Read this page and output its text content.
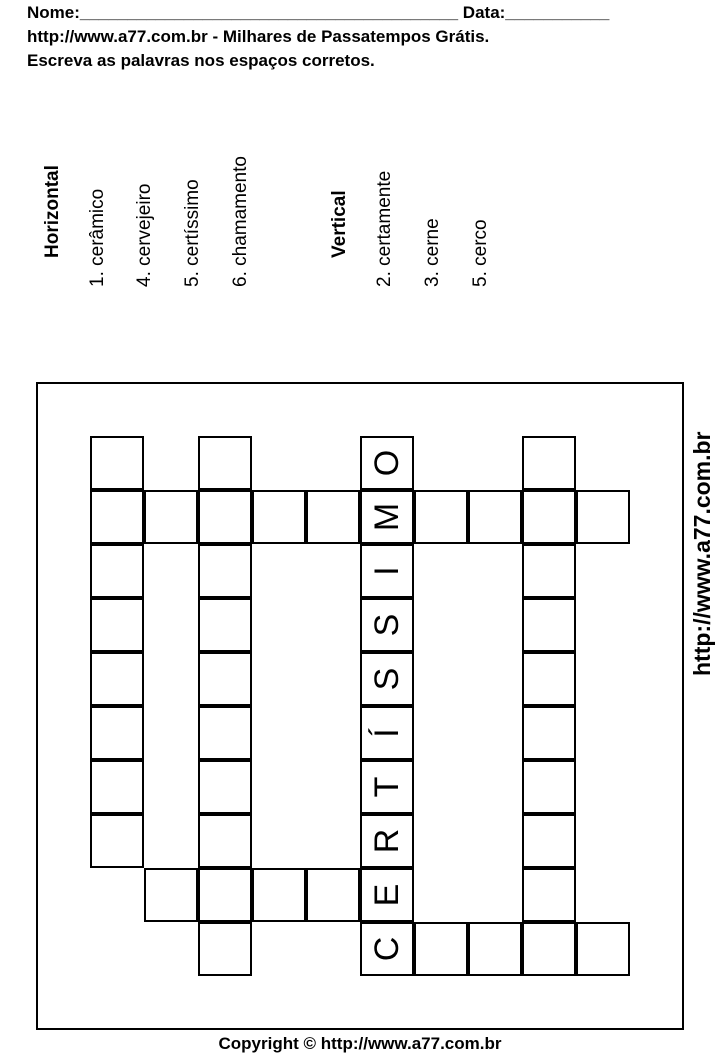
Nome:________________________________________ Data:___________
http://www.a77.com.br - Milhares de Passatempos Grátis.
Escreva as palavras nos espaços corretos.
Horizontal 1. cerâmico 4. cervejeiro 5. certíssimo 6. chamamento	Vertical 2. certamente 3. cerne 5. cerco
O
M
I
S
S
Í
T
R
E
C
http://www.a77.com.br
Copyright © http://www.a77.com.br
